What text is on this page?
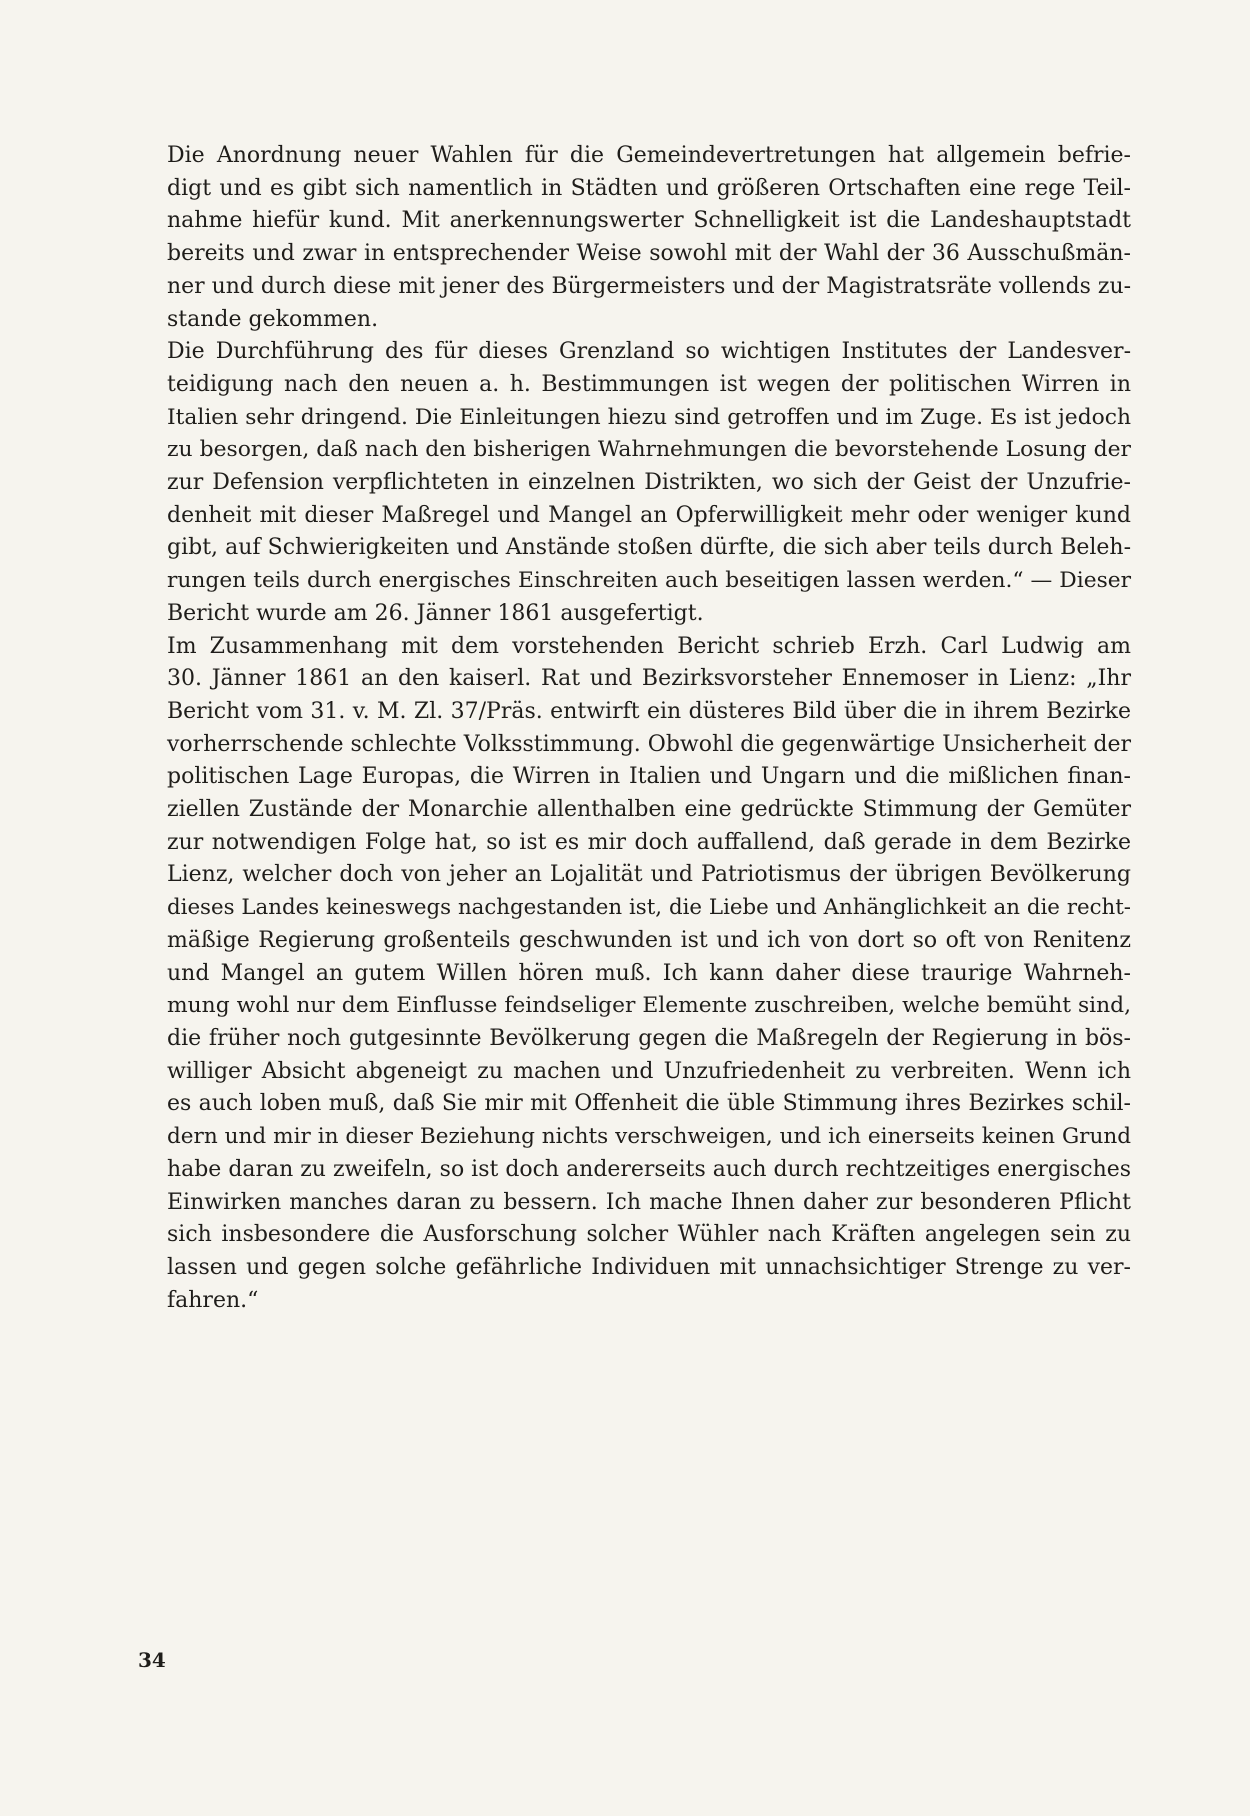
Die Anordnung neuer Wahlen für die Gemeindevertretungen hat allgemein befrie-
digt und es gibt sich namentlich in Städten und größeren Ortschaften eine rege Teil-
nahme hiefür kund. Mit anerkennungswerter Schnelligkeit ist die Landeshauptstadt
bereits und zwar in entsprechender Weise sowohl mit der Wahl der 36 Ausschußmän-
ner und durch diese mit jener des Bürgermeisters und der Magistratsräte vollends zu-
stande gekommen.
Die Durchführung des für dieses Grenzland so wichtigen Institutes der Landesver-
teidigung nach den neuen a. h. Bestimmungen ist wegen der politischen Wirren in
Italien sehr dringend. Die Einleitungen hiezu sind getroffen und im Zuge. Es ist jedoch
zu besorgen, daß nach den bisherigen Wahrnehmungen die bevorstehende Losung der
zur Defension verpflichteten in einzelnen Distrikten, wo sich der Geist der Unzufrie-
denheit mit dieser Maßregel und Mangel an Opferwilligkeit mehr oder weniger kund
gibt, auf Schwierigkeiten und Anstände stoßen dürfte, die sich aber teils durch Beleh-
rungen teils durch energisches Einschreiten auch beseitigen lassen werden.“ — Dieser
Bericht wurde am 26. Jänner 1861 ausgefertigt.
Im Zusammenhang mit dem vorstehenden Bericht schrieb Erzh. Carl Ludwig am
30. Jänner 1861 an den kaiserl. Rat und Bezirksvorsteher Ennemoser in Lienz: „Ihr
Bericht vom 31. v. M. Zl. 37/Präs. entwirft ein düsteres Bild über die in ihrem Bezirke
vorherrschende schlechte Volksstimmung. Obwohl die gegenwärtige Unsicherheit der
politischen Lage Europas, die Wirren in Italien und Ungarn und die mißlichen finan-
ziellen Zustände der Monarchie allenthalben eine gedrückte Stimmung der Gemüter
zur notwendigen Folge hat, so ist es mir doch auffallend, daß gerade in dem Bezirke
Lienz, welcher doch von jeher an Lojalität und Patriotismus der übrigen Bevölkerung
dieses Landes keineswegs nachgestanden ist, die Liebe und Anhänglichkeit an die recht-
mäßige Regierung großenteils geschwunden ist und ich von dort so oft von Renitenz
und Mangel an gutem Willen hören muß. Ich kann daher diese traurige Wahrneh-
mung wohl nur dem Einflusse feindseliger Elemente zuschreiben, welche bemüht sind,
die früher noch gutgesinnte Bevölkerung gegen die Maßregeln der Regierung in bös-
williger Absicht abgeneigt zu machen und Unzufriedenheit zu verbreiten. Wenn ich
es auch loben muß, daß Sie mir mit Offenheit die üble Stimmung ihres Bezirkes schil-
dern und mir in dieser Beziehung nichts verschweigen, und ich einerseits keinen Grund
habe daran zu zweifeln, so ist doch andererseits auch durch rechtzeitiges energisches
Einwirken manches daran zu bessern. Ich mache Ihnen daher zur besonderen Pflicht
sich insbesondere die Ausforschung solcher Wühler nach Kräften angelegen sein zu
lassen und gegen solche gefährliche Individuen mit unnachsichtiger Strenge zu ver-
fahren.“
34
